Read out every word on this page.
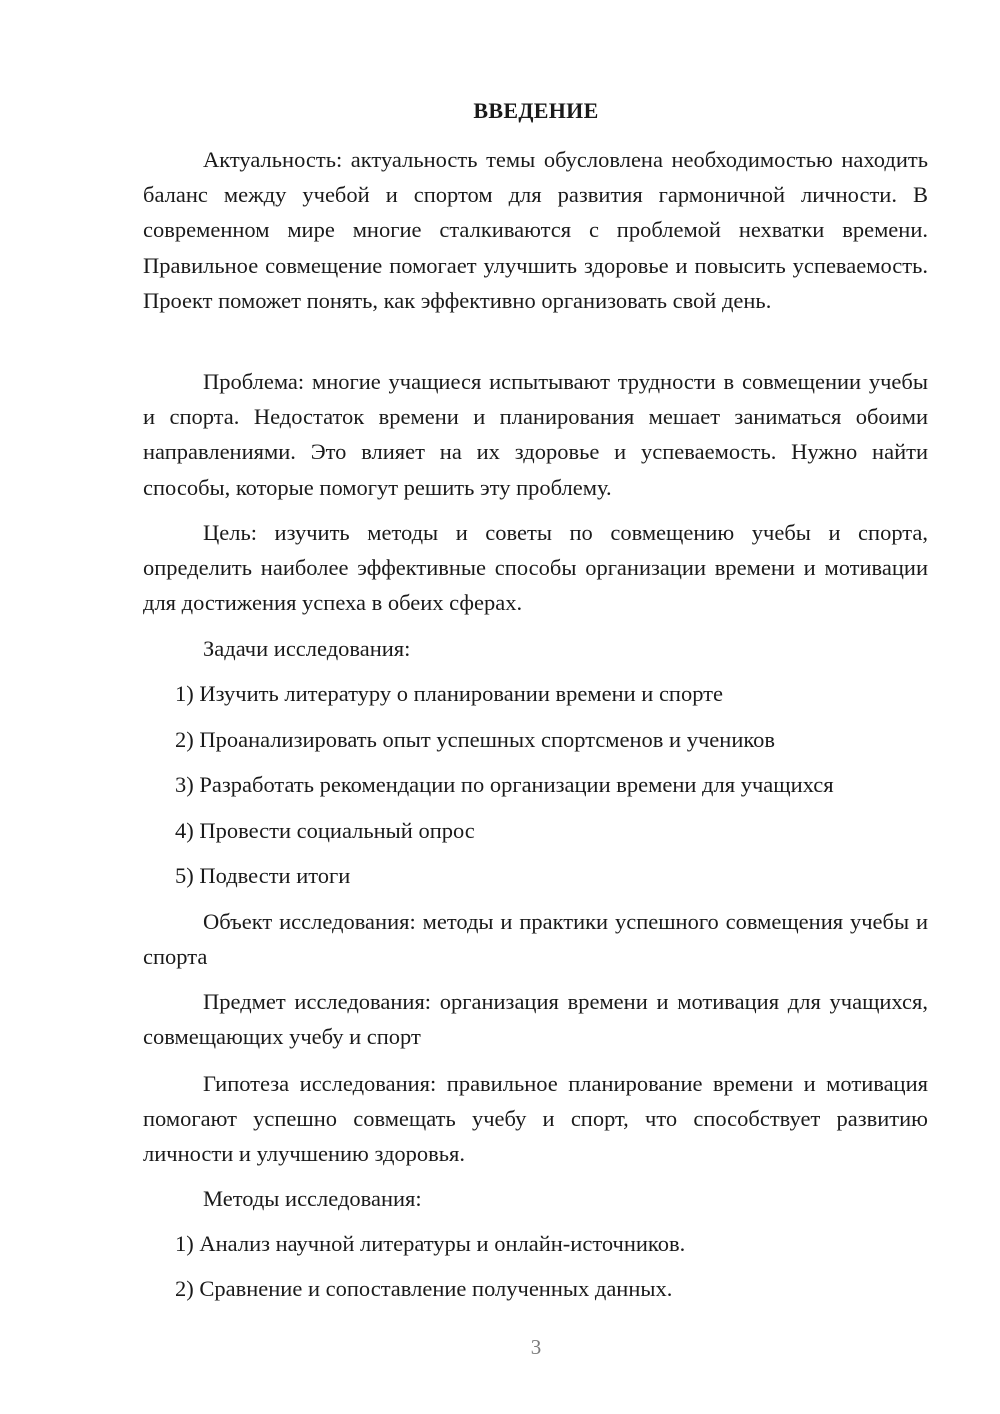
ВВЕДЕНИЕ

Актуальность: актуальность темы обусловлена необходимостью находить баланс между учебой и спортом для развития гармоничной личности. В современном мире многие сталкиваются с проблемой нехватки времени. Правильное совмещение помогает улучшить здоровье и повысить успеваемость. Проект поможет понять, как эффективно организовать свой день.

Проблема: многие учащиеся испытывают трудности в совмещении учебы и спорта. Недостаток времени и планирования мешает заниматься обоими направлениями. Это влияет на их здоровье и успеваемость. Нужно найти способы, которые помогут решить эту проблему.

Цель: изучить методы и советы по совмещению учебы и спорта, определить наиболее эффективные способы организации времени и мотивации для достижения успеха в обеих сферах.

Задачи исследования:

1) Изучить литературу о планировании времени и спорте

2) Проанализировать опыт успешных спортсменов и учеников

3) Разработать рекомендации по организации времени для учащихся

4) Провести социальный опрос

5) Подвести итоги

Объект исследования: методы и практики успешного совмещения учебы и спорта

Предмет исследования: организация времени и мотивация для учащихся, совмещающих учебу и спорт

Гипотеза исследования: правильное планирование времени и мотивация помогают успешно совмещать учебу и спорт, что способствует развитию личности и улучшению здоровья.

Методы исследования:

1) Анализ научной литературы и онлайн-источников.

2) Сравнение и сопоставление полученных данных.

3
